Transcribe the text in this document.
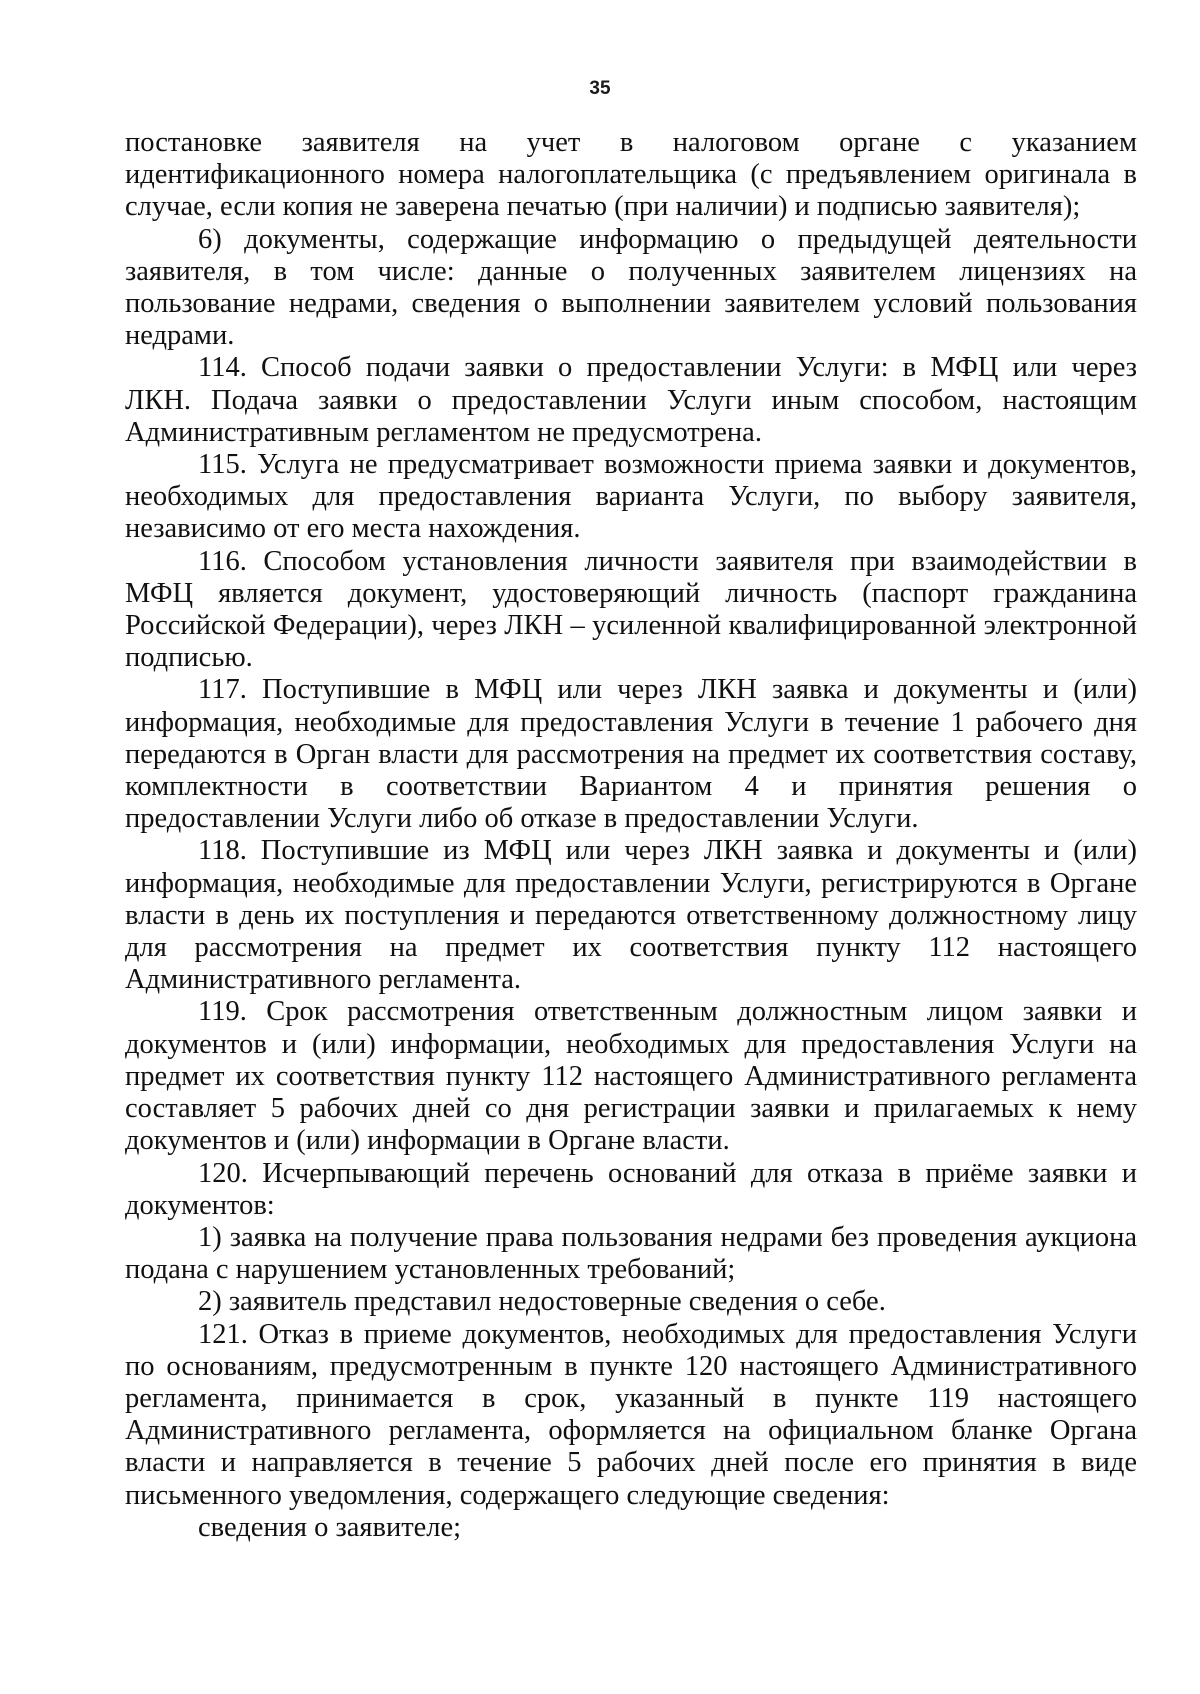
35

постановке заявителя на учет в налоговом органе с указанием идентификационного номера налогоплательщика (с предъявлением оригинала в случае, если копия не заверена печатью (при наличии) и подписью заявителя);

6) документы, содержащие информацию о предыдущей деятельности заявителя, в том числе: данные о полученных заявителем лицензиях на пользование недрами, сведения о выполнении заявителем условий пользования недрами.

114. Способ подачи заявки о предоставлении Услуги: в МФЦ или через ЛКН. Подача заявки о предоставлении Услуги иным способом, настоящим Административным регламентом не предусмотрена.

115. Услуга не предусматривает возможности приема заявки и документов, необходимых для предоставления варианта Услуги, по выбору заявителя, независимо от его места нахождения.

116. Способом установления личности заявителя при взаимодействии в МФЦ является документ, удостоверяющий личность (паспорт гражданина Российской Федерации), через ЛКН – усиленной квалифицированной электронной подписью.

117. Поступившие в МФЦ или через ЛКН заявка и документы и (или) информация, необходимые для предоставления Услуги в течение 1 рабочего дня передаются в Орган власти для рассмотрения на предмет их соответствия составу, комплектности в соответствии Вариантом 4 и принятия решения о предоставлении Услуги либо об отказе в предоставлении Услуги.

118. Поступившие из МФЦ или через ЛКН заявка и документы и (или) информация, необходимые для предоставлении Услуги, регистрируются в Органе власти в день их поступления и передаются ответственному должностному лицу для рассмотрения на предмет их соответствия пункту 112 настоящего Административного регламента.

119. Срок рассмотрения ответственным должностным лицом заявки и документов и (или) информации, необходимых для предоставления Услуги на предмет их соответствия пункту 112 настоящего Административного регламента составляет 5 рабочих дней со дня регистрации заявки и прилагаемых к нему документов и (или) информации в Органе власти.

120. Исчерпывающий перечень оснований для отказа в приёме заявки и документов:

1) заявка на получение права пользования недрами без проведения аукциона подана с нарушением установленных требований;

2) заявитель представил недостоверные сведения о себе.

121. Отказ в приеме документов, необходимых для предоставления Услуги по основаниям, предусмотренным в пункте 120 настоящего Административного регламента, принимается в срок, указанный в пункте 119 настоящего Административного регламента, оформляется на официальном бланке Органа власти и направляется в течение 5 рабочих дней после его принятия в виде письменного уведомления, содержащего следующие сведения:

сведения о заявителе;
